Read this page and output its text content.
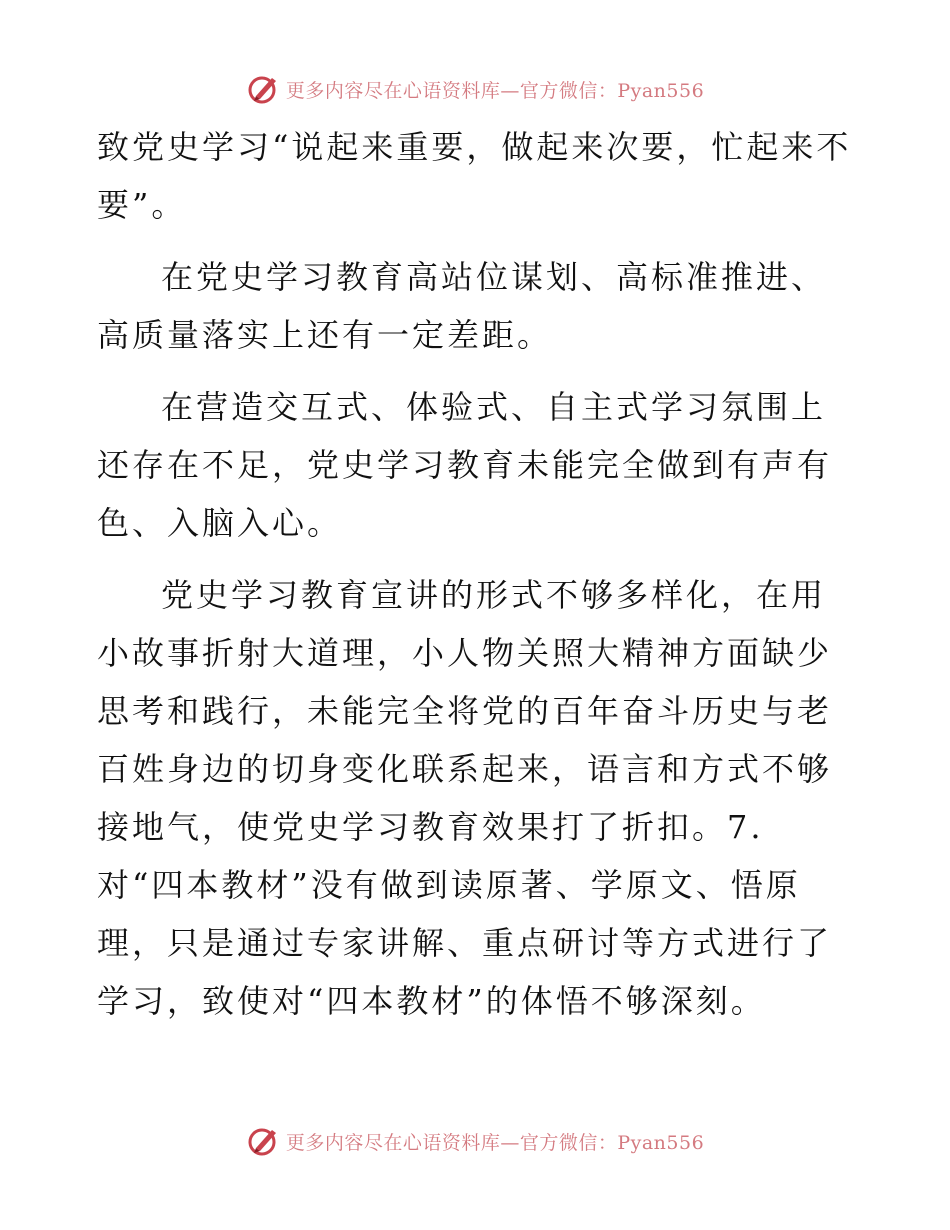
更多内容尽在心语资料库—官方微信：Pyan556

致党史学习“说起来重要，做起来次要，忙起来不要”。

在党史学习教育高站位谋划、高标准推进、高质量落实上还有一定差距。

在营造交互式、体验式、自主式学习氛围上还存在不足，党史学习教育未能完全做到有声有色、入脑入心。

党史学习教育宣讲的形式不够多样化，在用小故事折射大道理，小人物关照大精神方面缺少思考和践行，未能完全将党的百年奋斗历史与老百姓身边的切身变化联系起来，语言和方式不够接地气，使党史学习教育效果打了折扣。7. 对“四本教材”没有做到读原著、学原文、悟原理，只是通过专家讲解、重点研讨等方式进行了学习，致使对“四本教材”的体悟不够深刻。

更多内容尽在心语资料库—官方微信：Pyan556
